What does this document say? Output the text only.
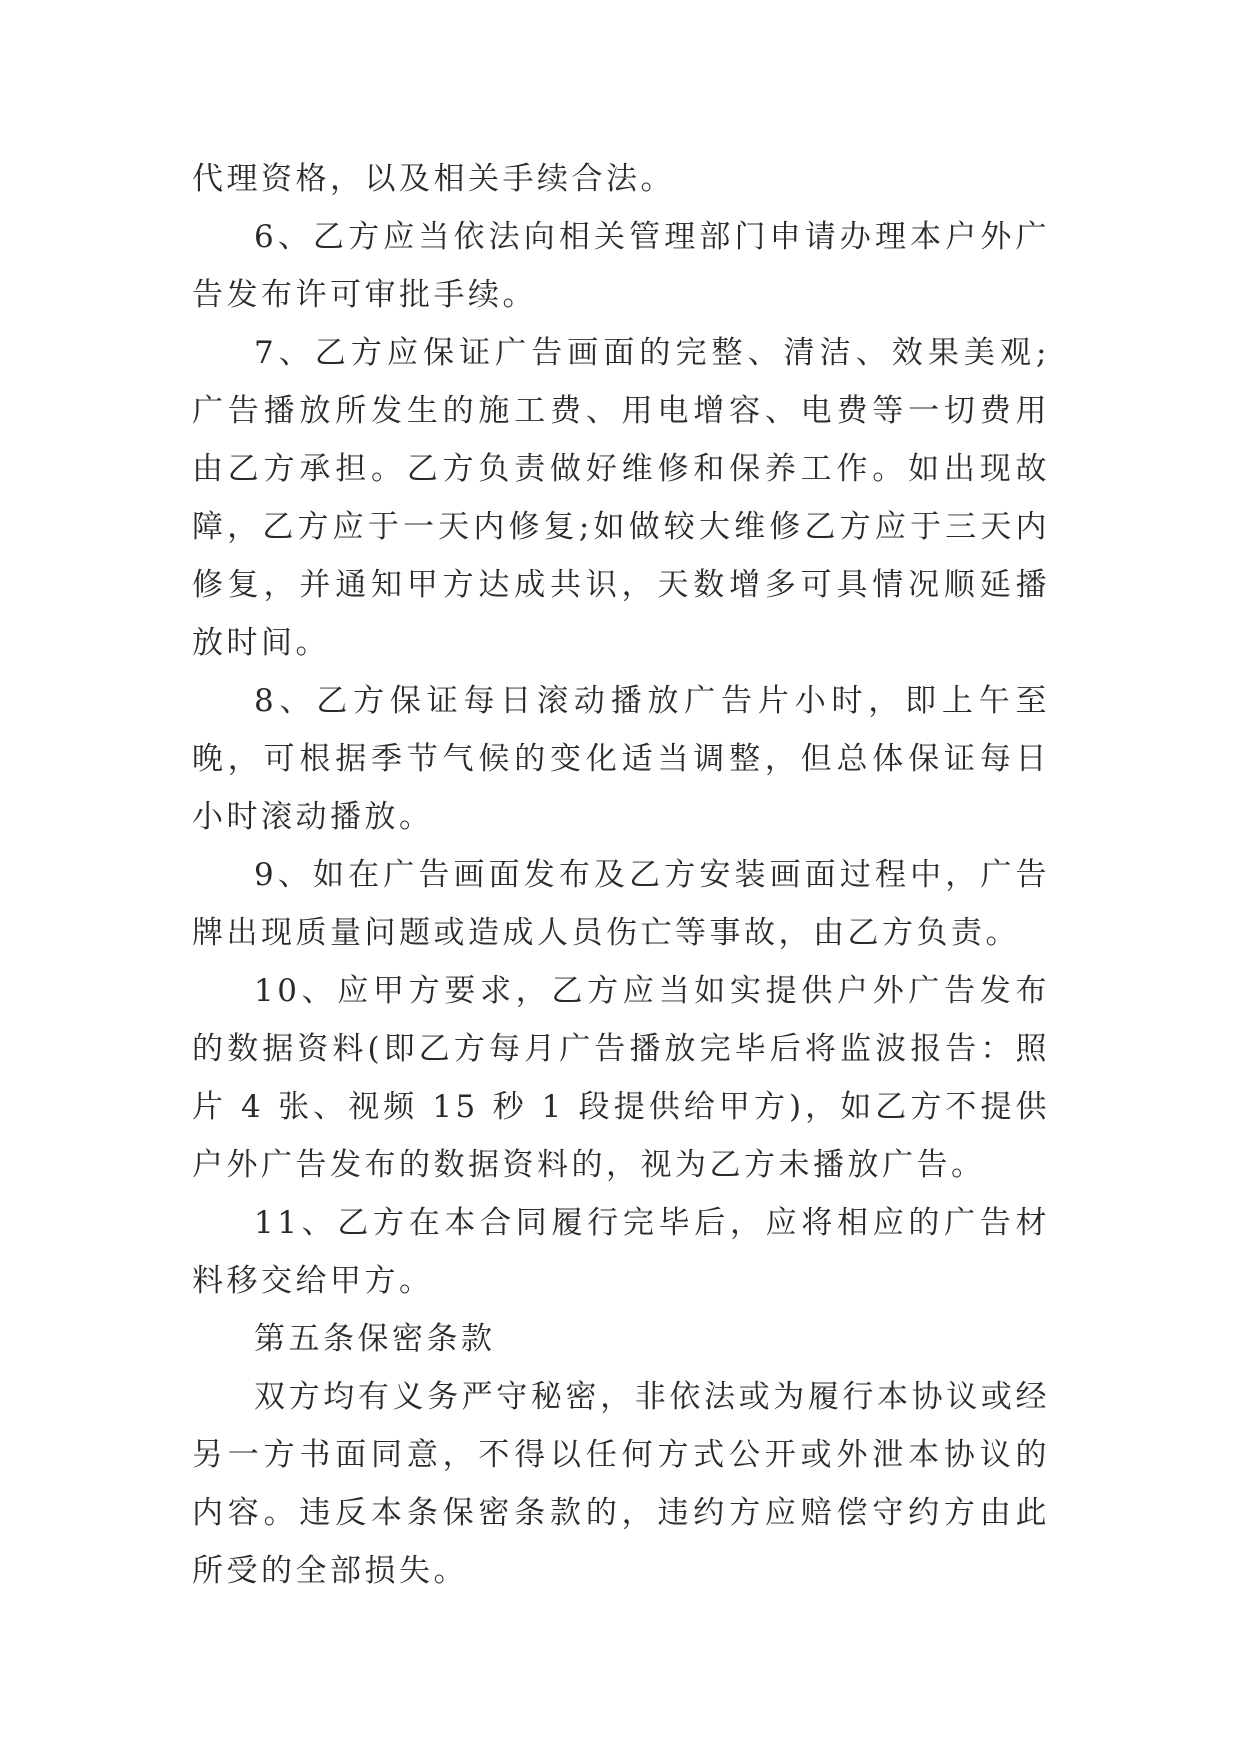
代理资格，以及相关手续合法。

6、乙方应当依法向相关管理部门申请办理本户外广告发布许可审批手续。

7、乙方应保证广告画面的完整、清洁、效果美观;广告播放所发生的施工费、用电增容、电费等一切费用由乙方承担。乙方负责做好维修和保养工作。如出现故障，乙方应于一天内修复;如做较大维修乙方应于三天内修复，并通知甲方达成共识，天数增多可具情况顺延播放时间。

8、乙方保证每日滚动播放广告片小时，即上午至晚，可根据季节气候的变化适当调整，但总体保证每日小时滚动播放。

9、如在广告画面发布及乙方安装画面过程中，广告牌出现质量问题或造成人员伤亡等事故，由乙方负责。

10、应甲方要求，乙方应当如实提供户外广告发布的数据资料(即乙方每月广告播放完毕后将监波报告：照片 4 张、视频 15 秒 1 段提供给甲方)，如乙方不提供户外广告发布的数据资料的，视为乙方未播放广告。

11、乙方在本合同履行完毕后，应将相应的广告材料移交给甲方。

第五条保密条款

双方均有义务严守秘密，非依法或为履行本协议或经另一方书面同意，不得以任何方式公开或外泄本协议的内容。违反本条保密条款的，违约方应赔偿守约方由此所受的全部损失。
